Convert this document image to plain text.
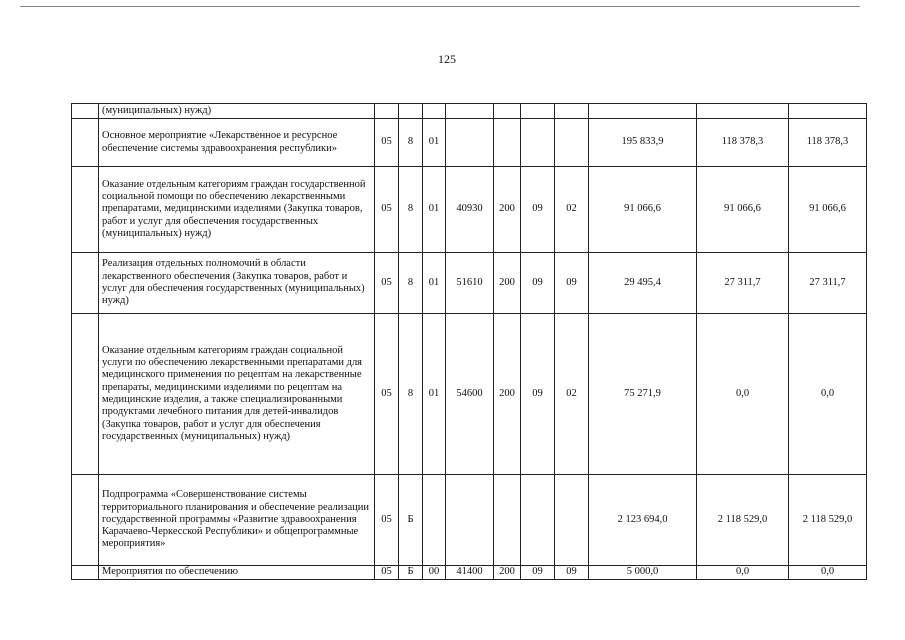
125
	(муниципальных) нужд)										
	Основное мероприятие «Лекарственное и ресурсное обеспечение системы здравоохранения республики»	05	8	01					195 833,9	118 378,3	118 378,3
	Оказание отдельным категориям граждан государственной социальной помощи по обеспечению лекарственными препаратами, медицинскими изделиями (Закупка товаров, работ и услуг для обеспечения государственных (муниципальных) нужд)	05	8	01	40930	200	09	02	91 066,6	91 066,6	91 066,6
	Реализация отдельных полномочий в области лекарственного обеспечения (Закупка товаров, работ и услуг для обеспечения государственных (муниципальных) нужд)	05	8	01	51610	200	09	09	29 495,4	27 311,7	27 311,7
	Оказание отдельным категориям граждан социальной услуги по обеспечению лекарственными препаратами для медицинского применения по рецептам на лекарственные препараты, медицинскими изделиями по рецептам на медицинские изделия, а также специализированными продуктами лечебного питания для детей-инвалидов (Закупка товаров, работ и услуг для обеспечения государственных (муниципальных) нужд)	05	8	01	54600	200	09	02	75 271,9	0,0	0,0
	Подпрограмма «Совершенствование системы территориального планирования и обеспечение реализации государственной программы «Развитие здравоохранения Карачаево-Черкесской Республики» и общепрограммные мероприятия»	05	Б						2 123 694,0	2 118 529,0	2 118 529,0
	Мероприятия по обеспечению	05	Б	00	41400	200	09	09	5 000,0	0,0	0,0
